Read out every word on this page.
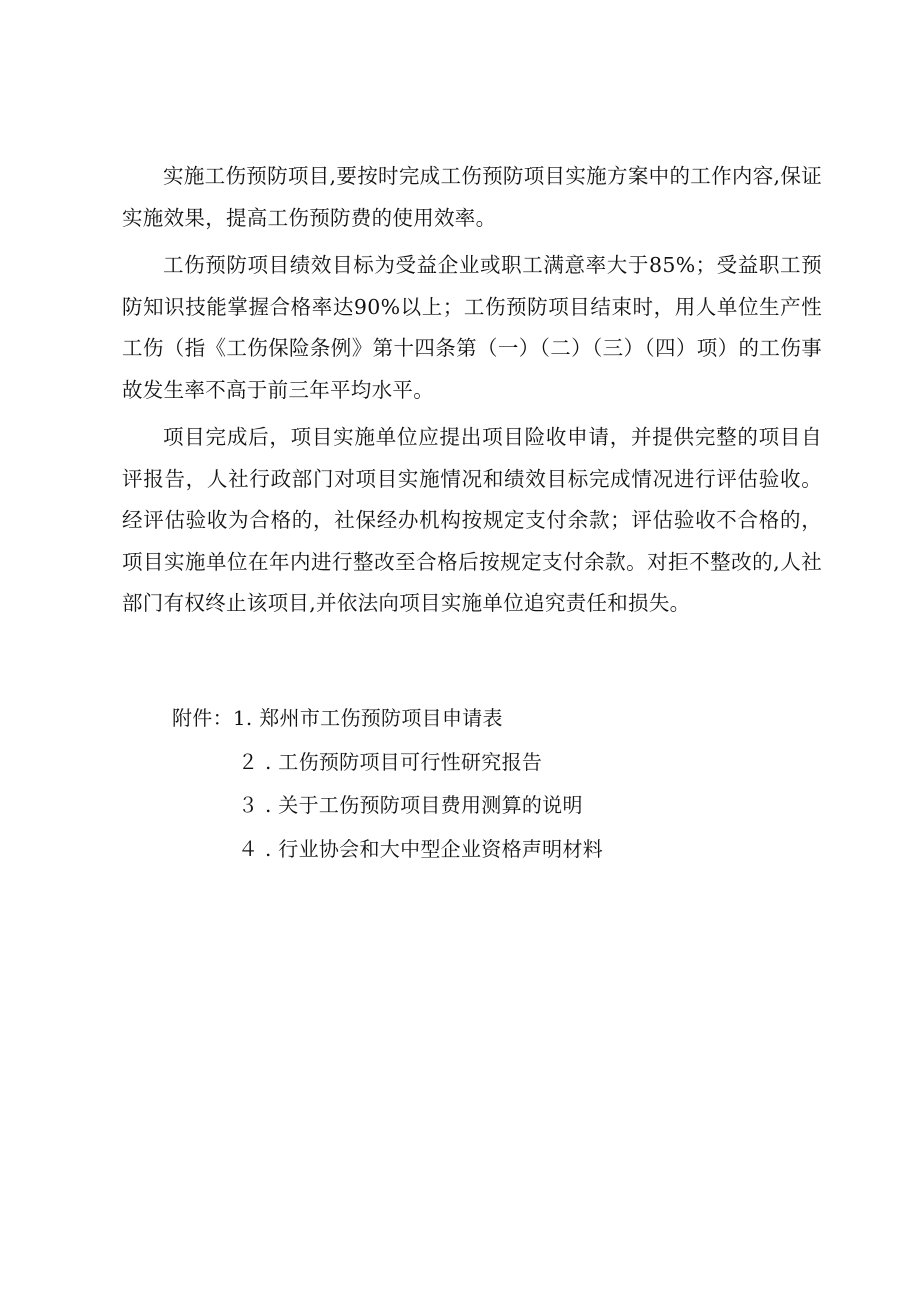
实施工伤预防项目,要按时完成工伤预防项目实施方案中的工作内容,保证实施效果，提高工伤预防费的使用效率。

工伤预防项目绩效目标为受益企业或职工满意率大于85%；受益职工预防知识技能掌握合格率达90%以上；工伤预防项目结束时，用人单位生产性工伤（指《工伤保险条例》第十四条第（一）（二）（三）（四）项）的工伤事故发生率不高于前三年平均水平。

项目完成后，项目实施单位应提出项目险收申请，并提供完整的项目自评报告，人社行政部门对项目实施情况和绩效目标完成情况进行评估验收。经评估验收为合格的，社保经办机构按规定支付余款；评估验收不合格的，项目实施单位在年内进行整改至合格后按规定支付余款。对拒不整改的,人社部门有权终止该项目,并依法向项目实施单位追究责任和损失。

附件：1. 郑州市工伤预防项目申请表
２ . 工伤预防项目可行性研究报告
３ . 关于工伤预防项目费用测算的说明
４ . 行业协会和大中型企业资格声明材料
